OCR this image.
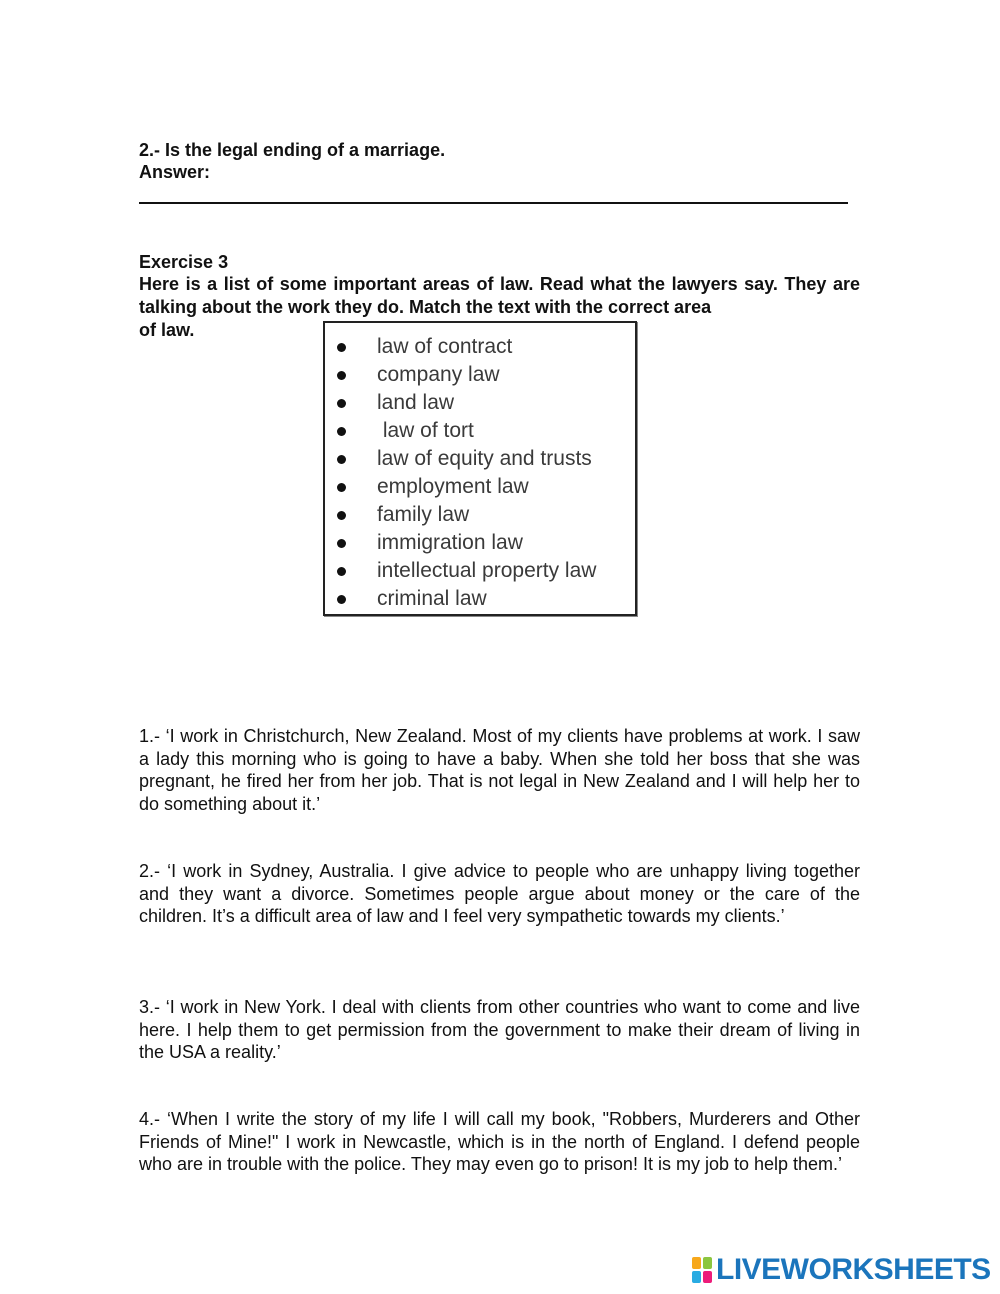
2.- Is the legal ending of a marriage.
Answer:
Exercise 3
Here is a list of some important areas of law. Read what the lawyers say. They are talking about the work they do. Match the text with the correct area
of law.
law of contract
company law
land law
law of tort
law of equity and trusts
employment law
family law
immigration law
intellectual property law
criminal law

1.- ‘I work in Christchurch, New Zealand. Most of my clients have problems at work. I saw a lady this morning who is going to have a baby. When she told her boss that she was pregnant, he fired her from her job. That is not legal in New Zealand and I will help her to do something about it.’

2.- ‘I work in Sydney, Australia. I give advice to people who are unhappy living together and they want a divorce. Sometimes people argue about money or the care of the children. It’s a difficult area of law and I feel very sympathetic towards my clients.’

3.- ‘I work in New York. I deal with clients from other countries who want to come and live here. I help them to get permission from the government to make their dream of living in the USA a reality.’

4.- ‘When I write the story of my life I will call my book, "Robbers, Murderers and Other Friends of Mine!" I work in Newcastle, which is in the north of England. I defend people who are in trouble with the police. They may even go to prison! It is my job to help them.’

LIVEWORKSHEETS
